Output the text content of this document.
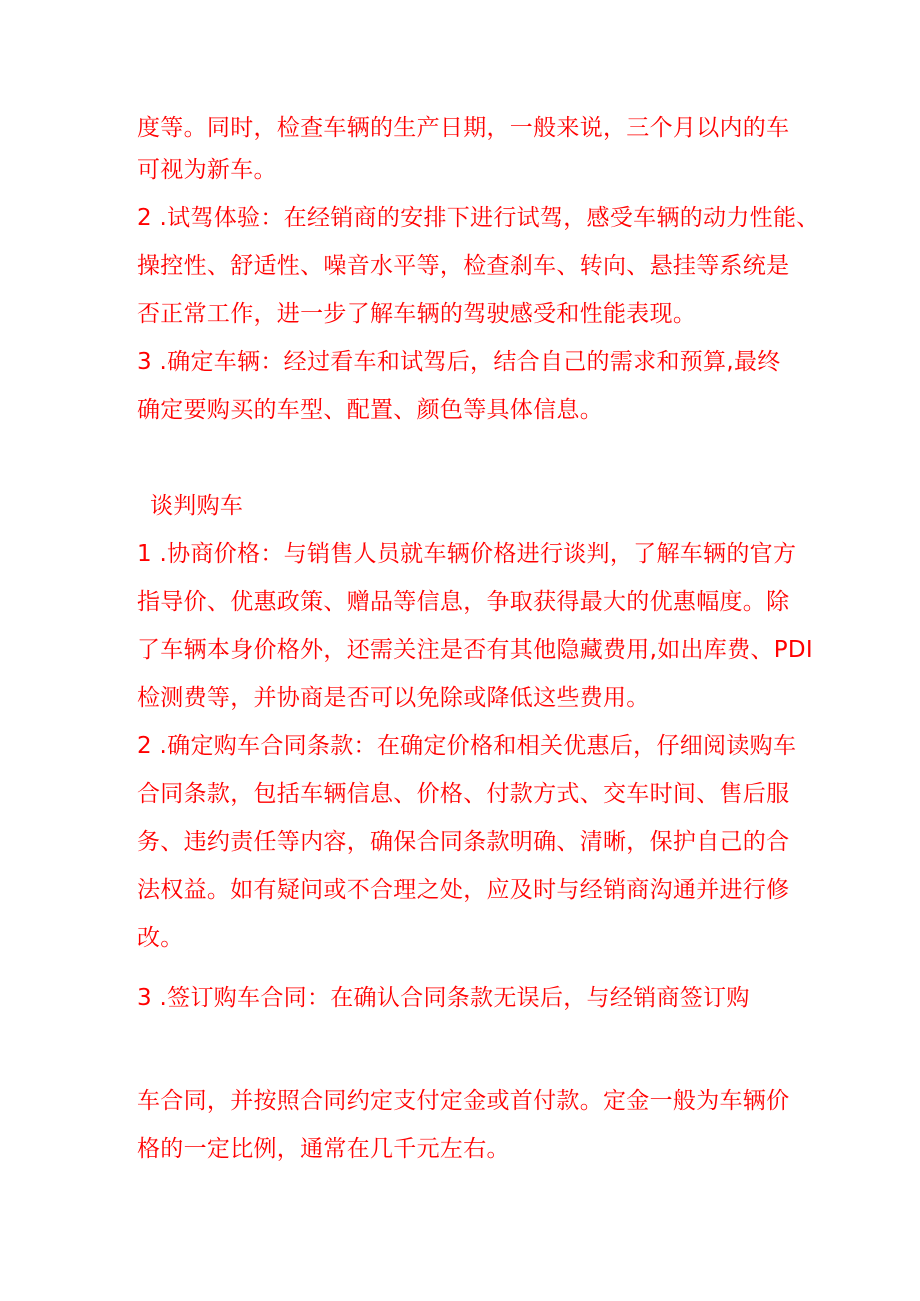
度等。同时，检查车辆的生产日期，一般来说，三个月以内的车
可视为新车。
2 .试驾体验：在经销商的安排下进行试驾，感受车辆的动力性能、
操控性、舒适性、噪音水平等，检查刹车、转向、悬挂等系统是
否正常工作，进一步了解车辆的驾驶感受和性能表现。
3 .确定车辆：经过看车和试驾后，结合自己的需求和预算,最终
确定要购买的车型、配置、颜色等具体信息。
谈判购车
1 .协商价格：与销售人员就车辆价格进行谈判，了解车辆的官方
指导价、优惠政策、赠品等信息，争取获得最大的优惠幅度。除
了车辆本身价格外，还需关注是否有其他隐藏费用,如出库费、PDI
检测费等，并协商是否可以免除或降低这些费用。
2 .确定购车合同条款：在确定价格和相关优惠后，仔细阅读购车
合同条款，包括车辆信息、价格、付款方式、交车时间、售后服
务、违约责任等内容，确保合同条款明确、清晰，保护自己的合
法权益。如有疑问或不合理之处，应及时与经销商沟通并进行修
改。
3 .签订购车合同：在确认合同条款无误后，与经销商签订购
车合同，并按照合同约定支付定金或首付款。定金一般为车辆价
格的一定比例，通常在几千元左右。
